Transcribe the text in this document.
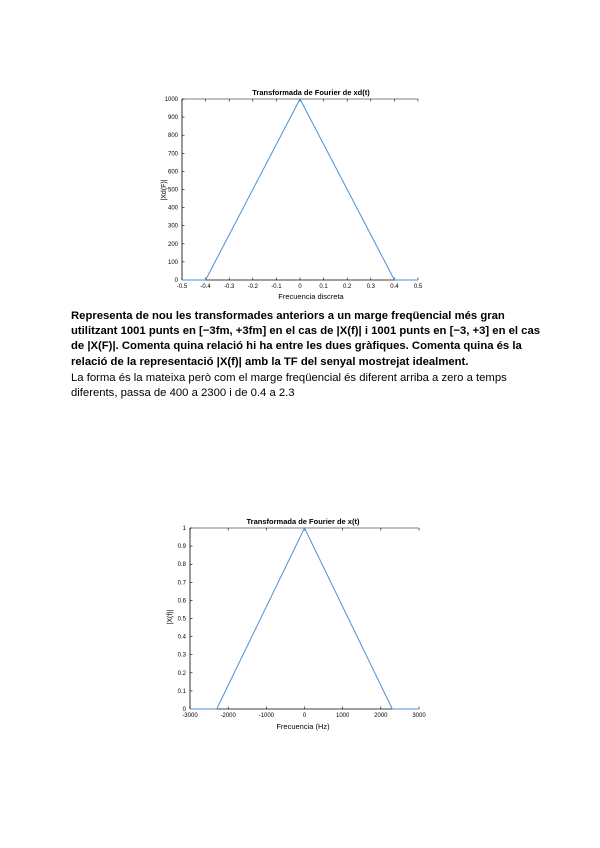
Transformada de Fourier de xd(t)
Frecuencia discreta
|Xd(F)|
-0.5 -0.4 -0.3 -0.2 -0.1	0	0.1	0.2	0.3	0.4	0.5
0
100
200
300
400
500
600
700
800
900
1000
Transformada de Fourier de x(t)
Frecuencia (Hz)
|X(f)|
-3000	-2000	-1000	0	1000	2000	3000
0
0.1
0.2
0.3
0.4
0.5
0.6
0.7
0.8
0.9
1
Representa de nou les transformades anteriors a un marge freqüencial més gran utilitzant 1001 punts en [−3fm, +3fm] en el cas de |X(f)| i 1001 punts en [−3, +3] en el cas de |X(F)|. Comenta quina relació hi ha entre les dues gràfiques. Comenta quina és la relació de la representació |X(f)| amb la TF del senyal mostrejat idealment.
La forma és la mateixa però com el marge freqüencial és diferent arriba a zero a temps diferents, passa de 400 a 2300 i de 0.4 a 2.3
